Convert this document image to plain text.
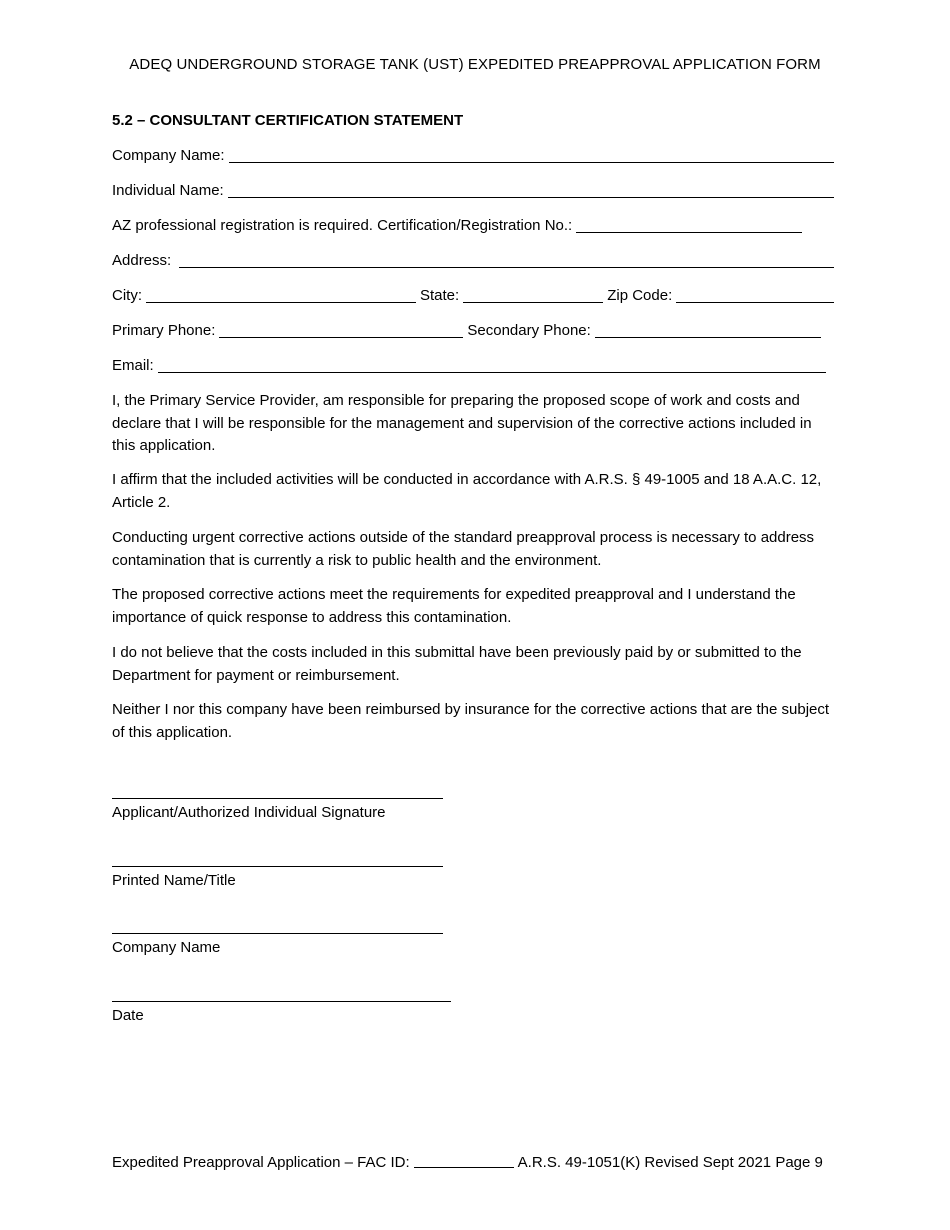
ADEQ UNDERGROUND STORAGE TANK (UST) EXPEDITED PREAPPROVAL APPLICATION FORM
5.2 – CONSULTANT CERTIFICATION STATEMENT
Company Name:
Individual Name:
AZ professional registration is required. Certification/Registration No.:
Address:
City:	State:	Zip Code:
Primary Phone:	Secondary Phone:
Email:

I, the Primary Service Provider, am responsible for preparing the proposed scope of work and costs and declare that I will be responsible for the management and supervision of the corrective actions included in this application.

I affirm that the included activities will be conducted in accordance with A.R.S. § 49-1005 and 18 A.A.C. 12, Article 2.

Conducting urgent corrective actions outside of the standard preapproval process is necessary to address contamination that is currently a risk to public health and the environment.

The proposed corrective actions meet the requirements for expedited preapproval and I understand the importance of quick response to address this contamination.

I do not believe that the costs included in this submittal have been previously paid by or submitted to the Department for payment or reimbursement.

Neither I nor this company have been reimbursed by insurance for the corrective actions that are the subject of this application.

Applicant/Authorized Individual Signature
Printed Name/Title
Company Name
Date
Expedited Preapproval Application – FAC ID:	A.R.S. 49-1051(K) Revised Sept 2021 Page 9
